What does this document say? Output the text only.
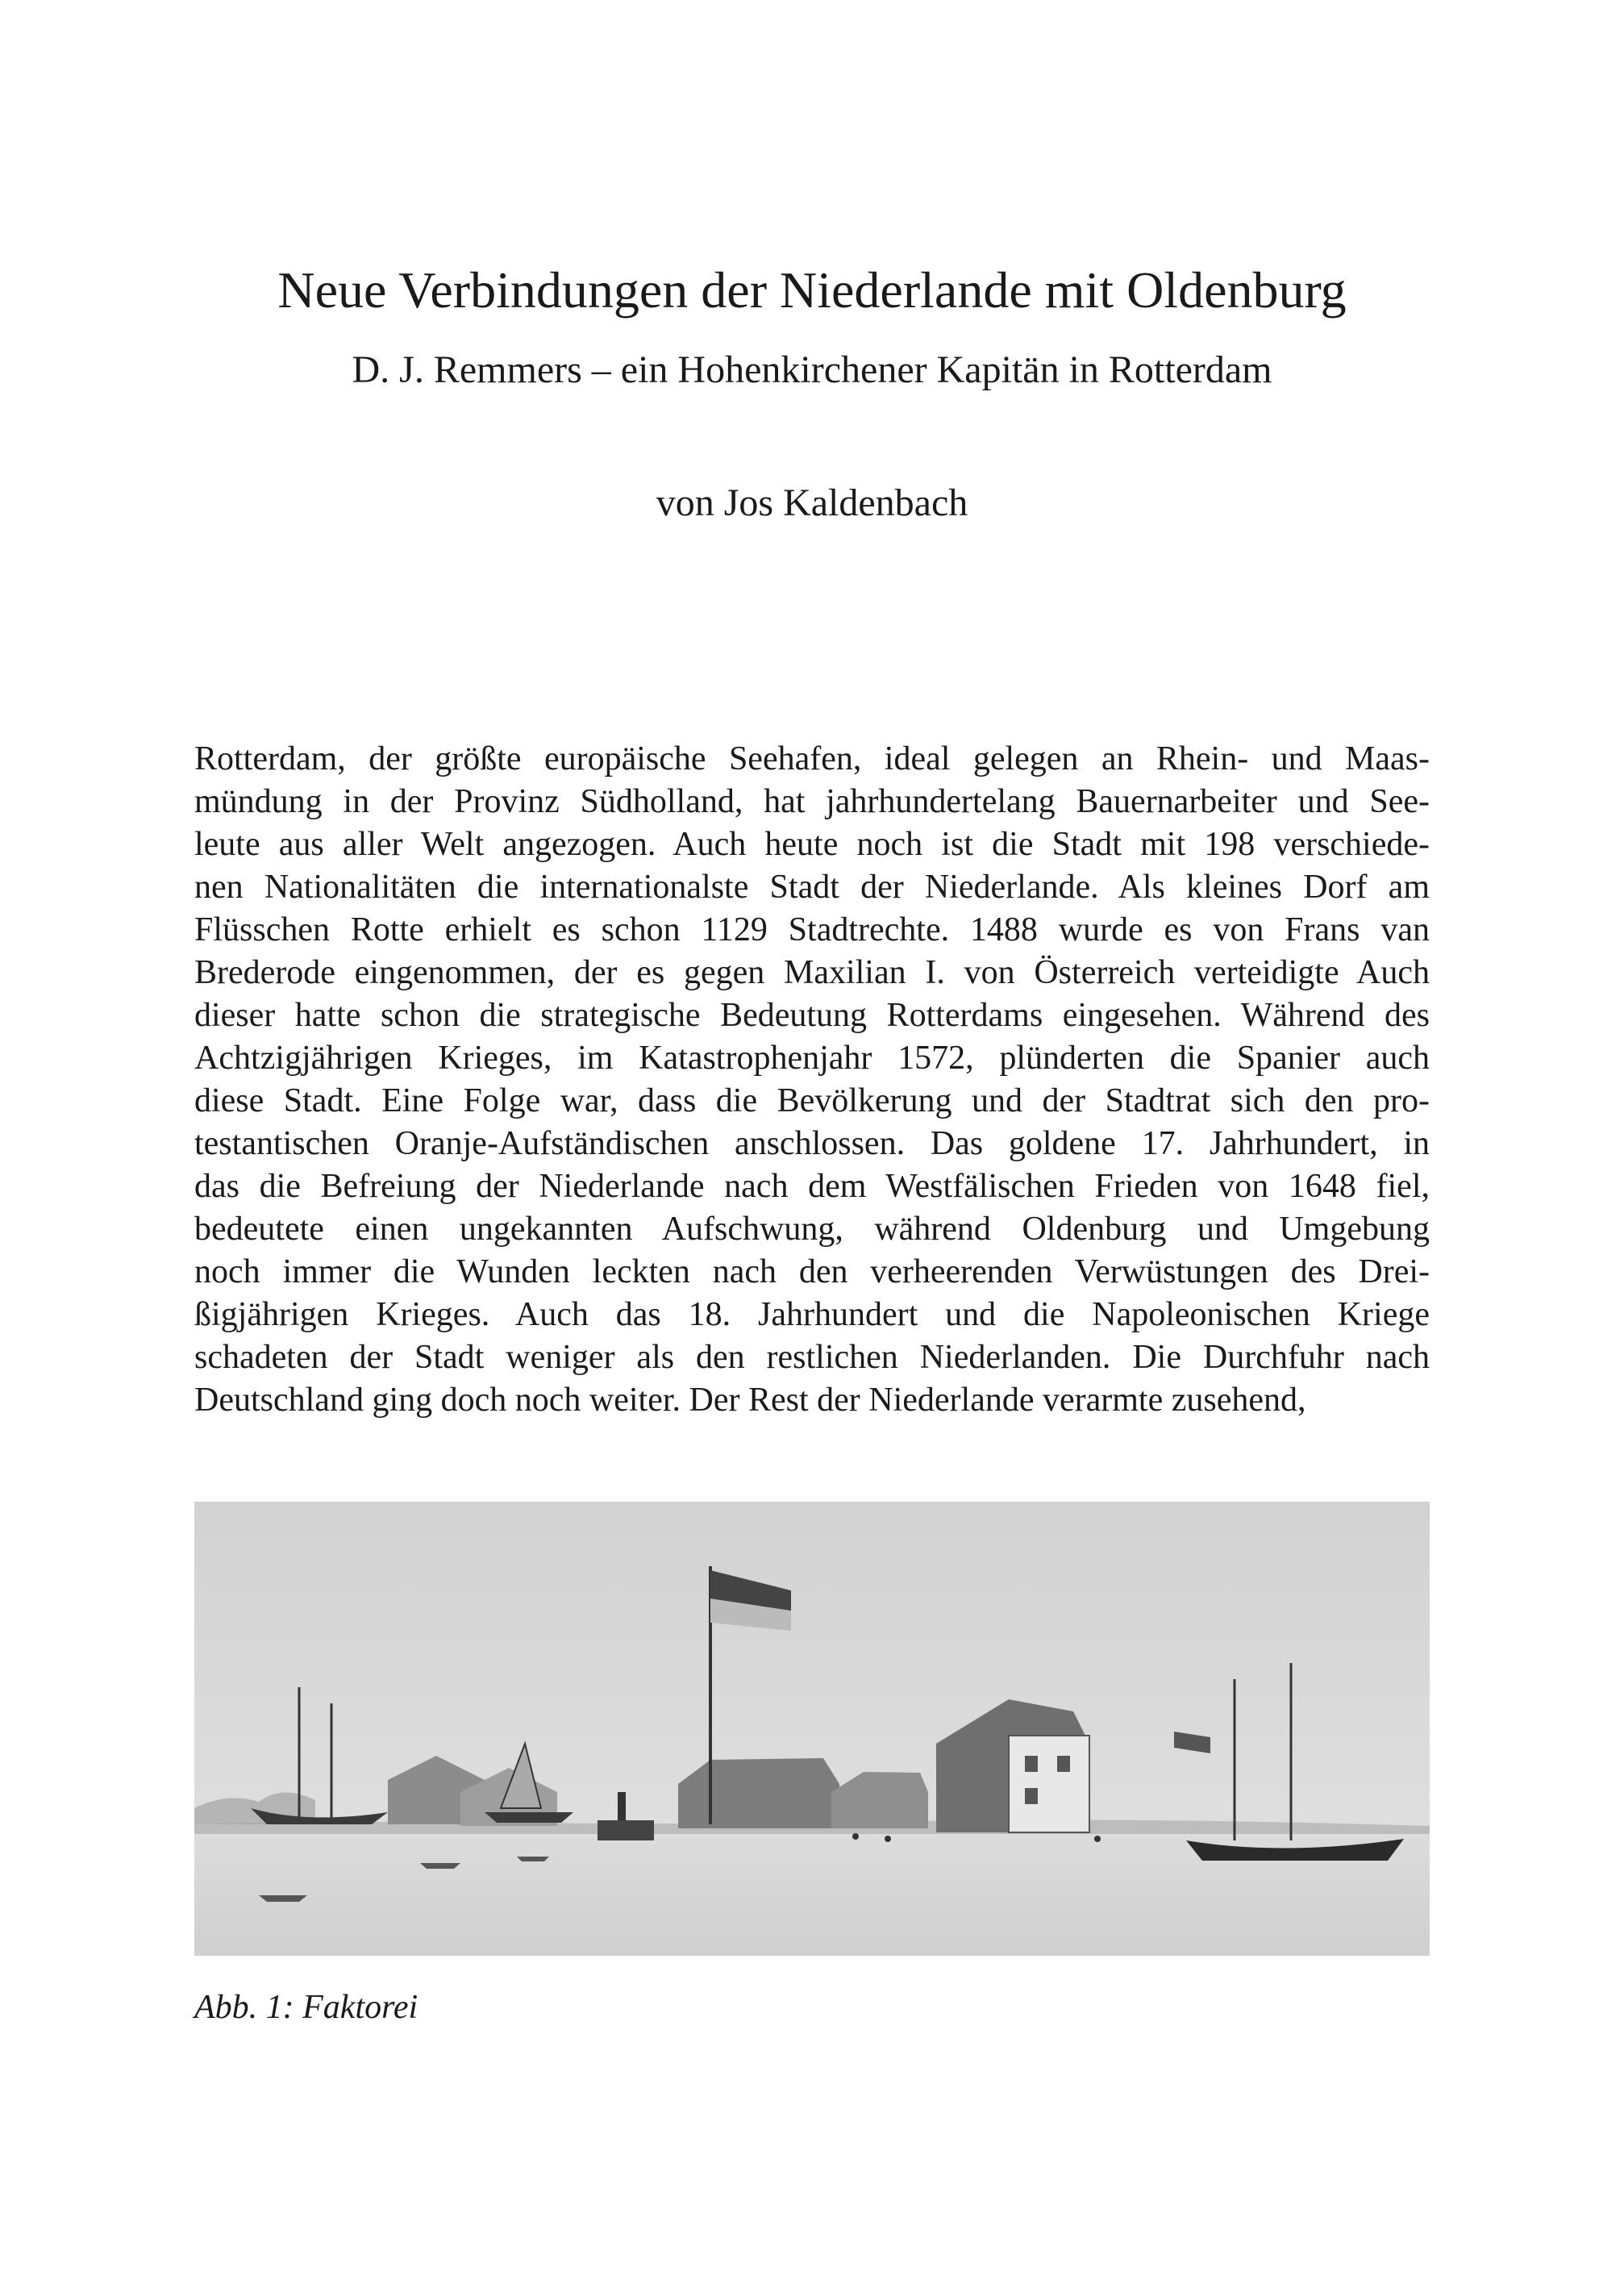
Neue Verbindungen der Niederlande mit Oldenburg
D. J. Remmers – ein Hohenkirchener Kapitän in Rotterdam
von Jos Kaldenbach
Rotterdam, der größte europäische Seehafen, ideal gelegen an Rhein- und Maas-
mündung in der Provinz Südholland, hat jahrhundertelang Bauernarbeiter und See-
leute aus aller Welt angezogen. Auch heute noch ist die Stadt mit 198 verschiede-
nen Nationalitäten die internationalste Stadt der Niederlande. Als kleines Dorf am
Flüsschen Rotte erhielt es schon 1129 Stadtrechte. 1488 wurde es von Frans van
Brederode eingenommen, der es gegen Maxilian I. von Österreich verteidigte Auch
dieser hatte schon die strategische Bedeutung Rotterdams eingesehen. Während des
Achtzigjährigen Krieges, im Katastrophenjahr 1572, plünderten die Spanier auch
diese Stadt. Eine Folge war, dass die Bevölkerung und der Stadtrat sich den pro-
testantischen Oranje-Aufständischen anschlossen. Das goldene 17. Jahrhundert, in
das die Befreiung der Niederlande nach dem Westfälischen Frieden von 1648 fiel,
bedeutete einen ungekannten Aufschwung, während Oldenburg und Umgebung
noch immer die Wunden leckten nach den verheerenden Verwüstungen des Drei-
ßigjährigen Krieges. Auch das 18. Jahrhundert und die Napoleonischen Kriege
schadeten der Stadt weniger als den restlichen Niederlanden. Die Durchfuhr nach
Deutschland ging doch noch weiter. Der Rest der Niederlande verarmte zusehend,
Abb. 1: Faktorei
